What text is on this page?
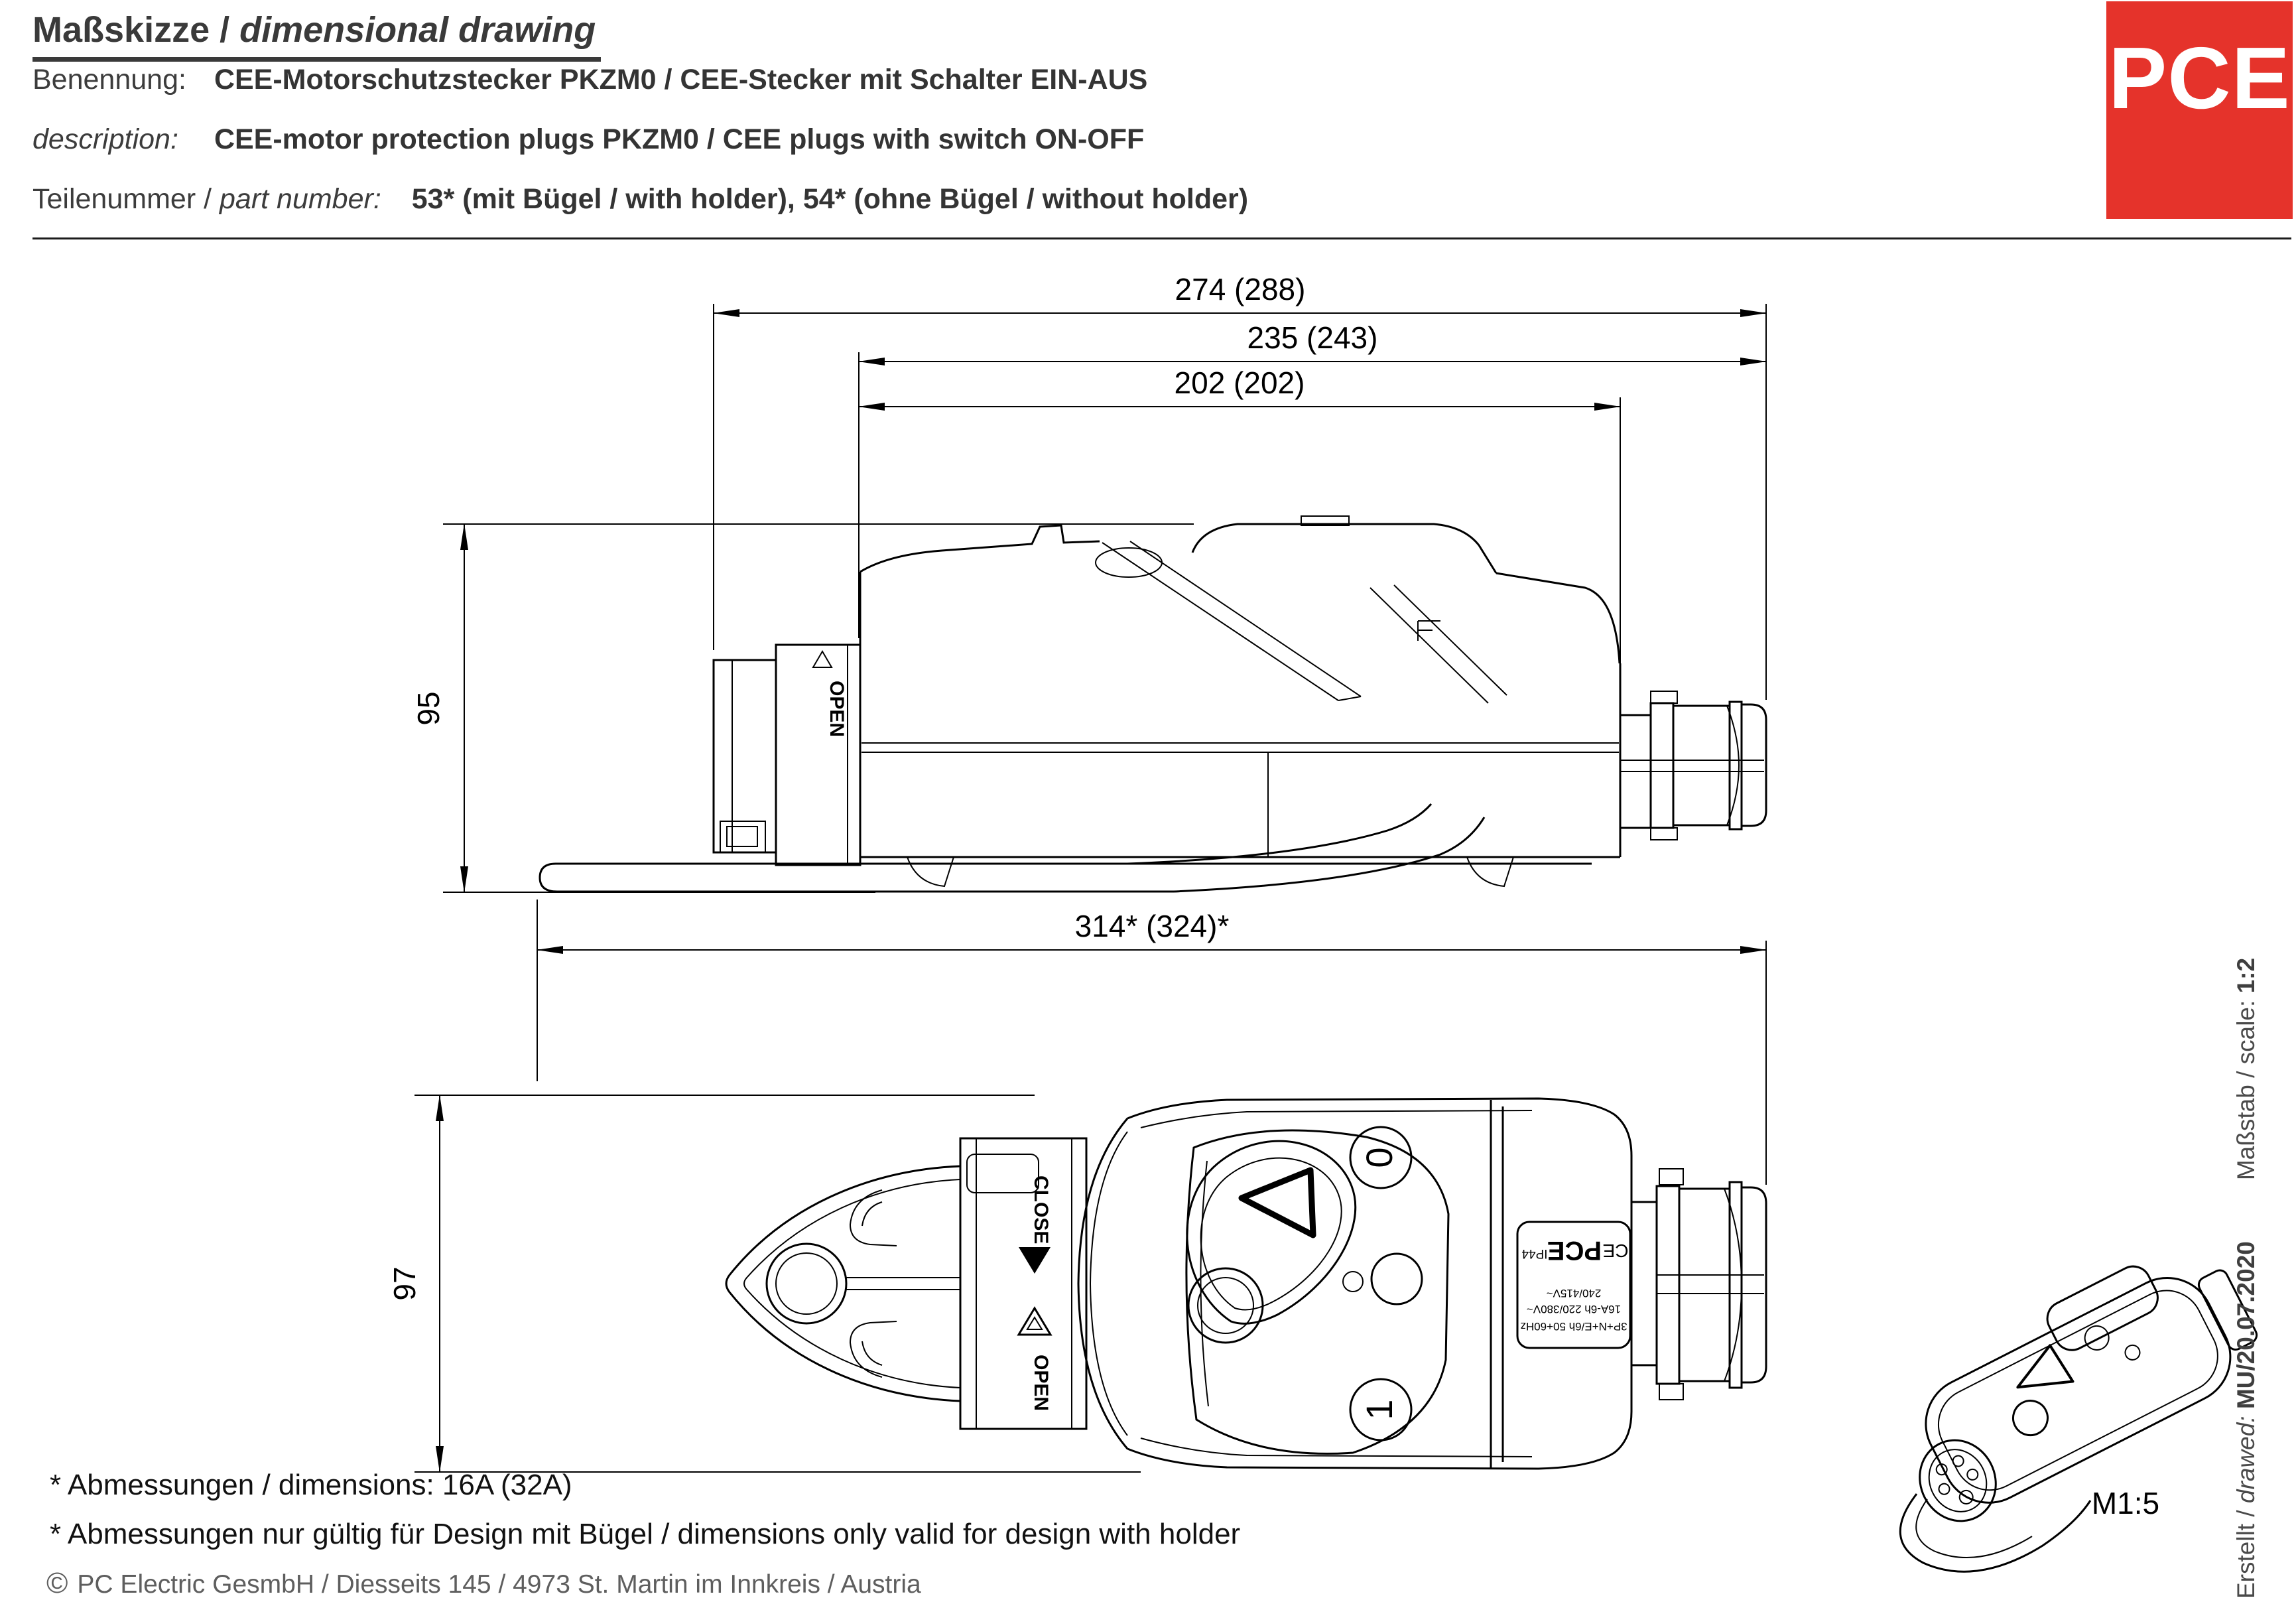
Maßskizze / dimensional drawing
Benennung: CEE-Motorschutzstecker PKZM0 / CEE-Stecker mit Schalter EIN-AUS
description: CEE-motor protection plugs PKZM0 / CEE plugs with switch ON-OFF
Teilenummer / part number: 53* (mit Bügel / with holder), 54* (ohne Bügel / without holder)
PCE
274 (288)
235 (243)
202 (202)
95	OPEN
314* (324)*
97
CLOSE
OPEN
0
1
3P+N+E/6h 50+60Hz
16A-6h 220/380V~
240/415V~
CE
PCE
IP44
M1:5
* Abmessungen / dimensions: 16A (32A)
* Abmessungen nur gültig für Design mit Bügel / dimensions only valid for design with holder
© PC Electric GesmbH / Diesseits 145 / 4973 St. Martin im Innkreis / Austria	Erstellt / drawed: MU/20.07.2020Maßstab / scale: 1:2
